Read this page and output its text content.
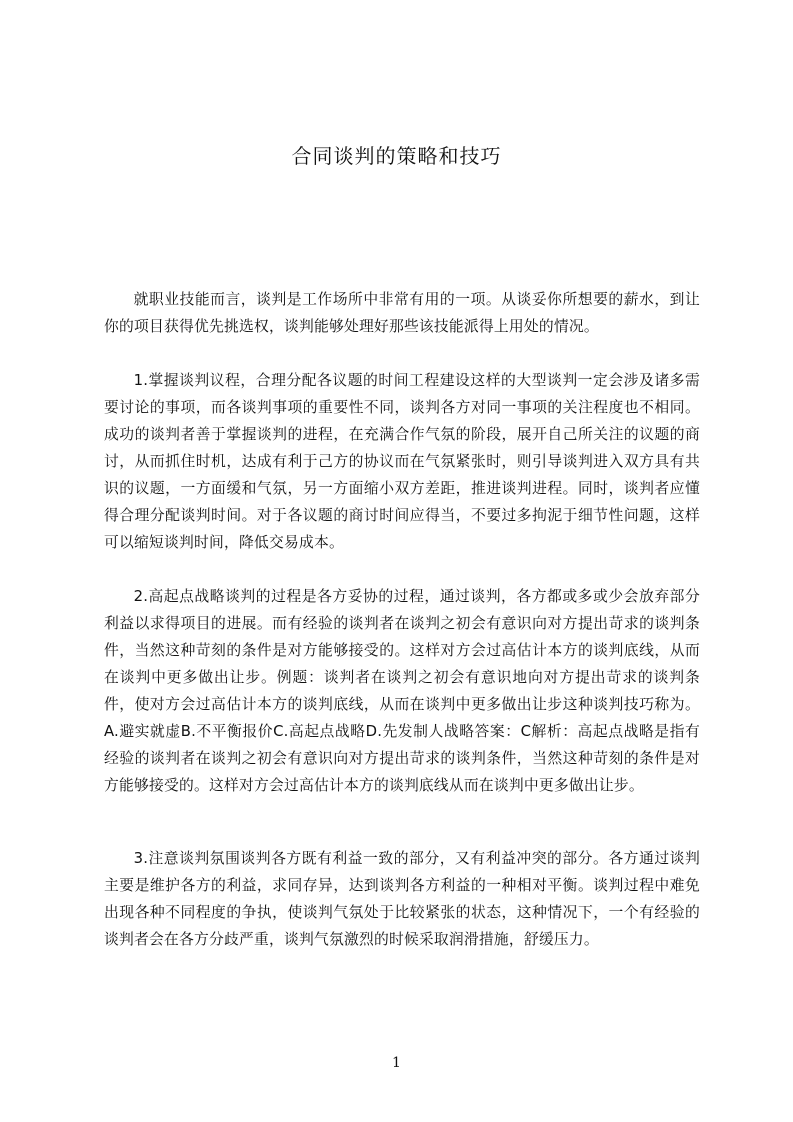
合同谈判的策略和技巧

就职业技能而言，谈判是工作场所中非常有用的一项。从谈妥你所想要的薪水，到让你的项目获得优先挑选权，谈判能够处理好那些该技能派得上用处的情况。

1.掌握谈判议程，合理分配各议题的时间工程建设这样的大型谈判一定会涉及诸多需要讨论的事项，而各谈判事项的重要性不同，谈判各方对同一事项的关注程度也不相同。成功的谈判者善于掌握谈判的进程，在充满合作气氛的阶段，展开自己所关注的议题的商讨，从而抓住时机，达成有利于己方的协议而在气氛紧张时，则引导谈判进入双方具有共识的议题，一方面缓和气氛，另一方面缩小双方差距，推进谈判进程。同时，谈判者应懂得合理分配谈判时间。对于各议题的商讨时间应得当，不要过多拘泥于细节性问题，这样可以缩短谈判时间，降低交易成本。

2.高起点战略谈判的过程是各方妥协的过程，通过谈判，各方都或多或少会放弃部分利益以求得项目的进展。而有经验的谈判者在谈判之初会有意识向对方提出苛求的谈判条件，当然这种苛刻的条件是对方能够接受的。这样对方会过高估计本方的谈判底线，从而在谈判中更多做出让步。例题：谈判者在谈判之初会有意识地向对方提出苛求的谈判条件，使对方会过高估计本方的谈判底线，从而在谈判中更多做出让步这种谈判技巧称为。A.避实就虚B.不平衡报价C.高起点战略D.先发制人战略答案：C解析：高起点战略是指有经验的谈判者在谈判之初会有意识向对方提出苛求的谈判条件，当然这种苛刻的条件是对方能够接受的。这样对方会过高估计本方的谈判底线从而在谈判中更多做出让步。

3.注意谈判氛围谈判各方既有利益一致的部分，又有利益冲突的部分。各方通过谈判主要是维护各方的利益，求同存异，达到谈判各方利益的一种相对平衡。谈判过程中难免出现各种不同程度的争执，使谈判气氛处于比较紧张的状态，这种情况下，一个有经验的谈判者会在各方分歧严重，谈判气氛激烈的时候采取润滑措施，舒缓压力。

1
